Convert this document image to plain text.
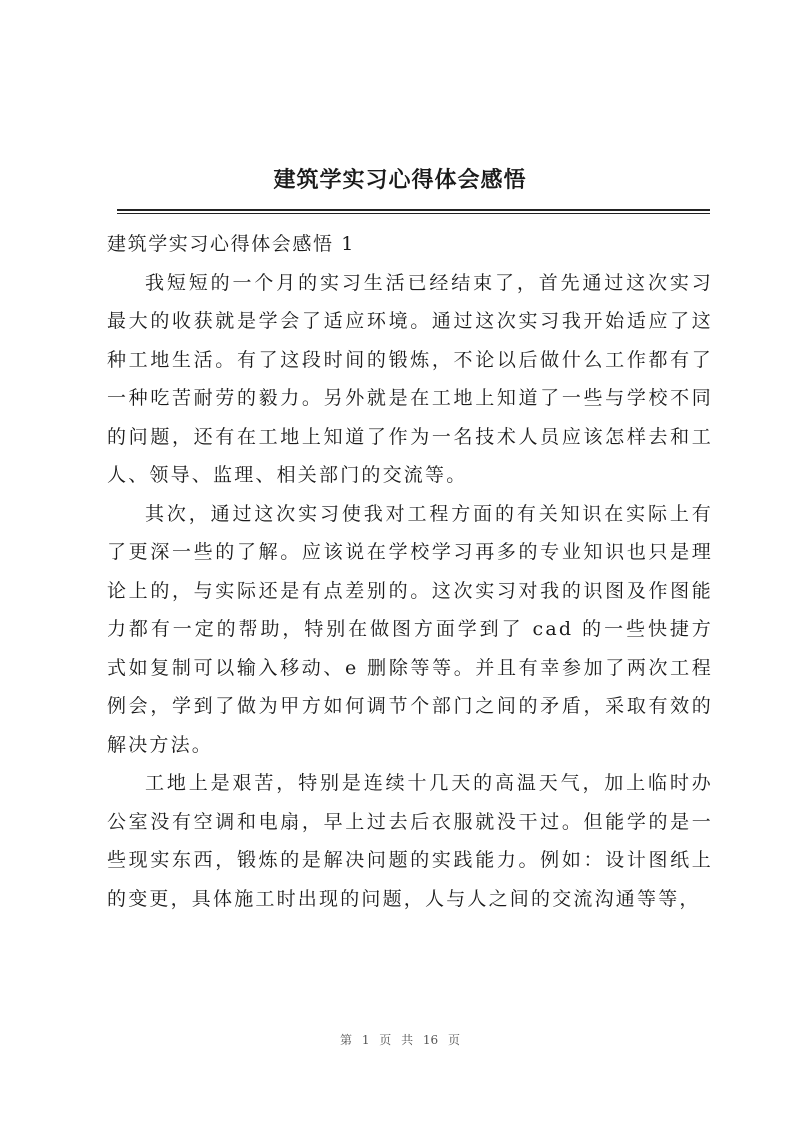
建筑学实习心得体会感悟
建筑学实习心得体会感悟 1

我短短的一个月的实习生活已经结束了，首先通过这次实习最大的收获就是学会了适应环境。通过这次实习我开始适应了这种工地生活。有了这段时间的锻炼，不论以后做什么工作都有了一种吃苦耐劳的毅力。另外就是在工地上知道了一些与学校不同的问题，还有在工地上知道了作为一名技术人员应该怎样去和工人、领导、监理、相关部门的交流等。

其次，通过这次实习使我对工程方面的有关知识在实际上有了更深一些的了解。应该说在学校学习再多的专业知识也只是理论上的，与实际还是有点差别的。这次实习对我的识图及作图能力都有一定的帮助，特别在做图方面学到了 cad 的一些快捷方式如复制可以输入移动、e 删除等等。并且有幸参加了两次工程例会，学到了做为甲方如何调节个部门之间的矛盾，采取有效的解决方法。

工地上是艰苦，特别是连续十几天的高温天气，加上临时办公室没有空调和电扇，早上过去后衣服就没干过。但能学的是一些现实东西，锻炼的是解决问题的实践能力。例如：设计图纸上的变更，具体施工时出现的问题，人与人之间的交流沟通等等，

第 1 页 共 16 页
